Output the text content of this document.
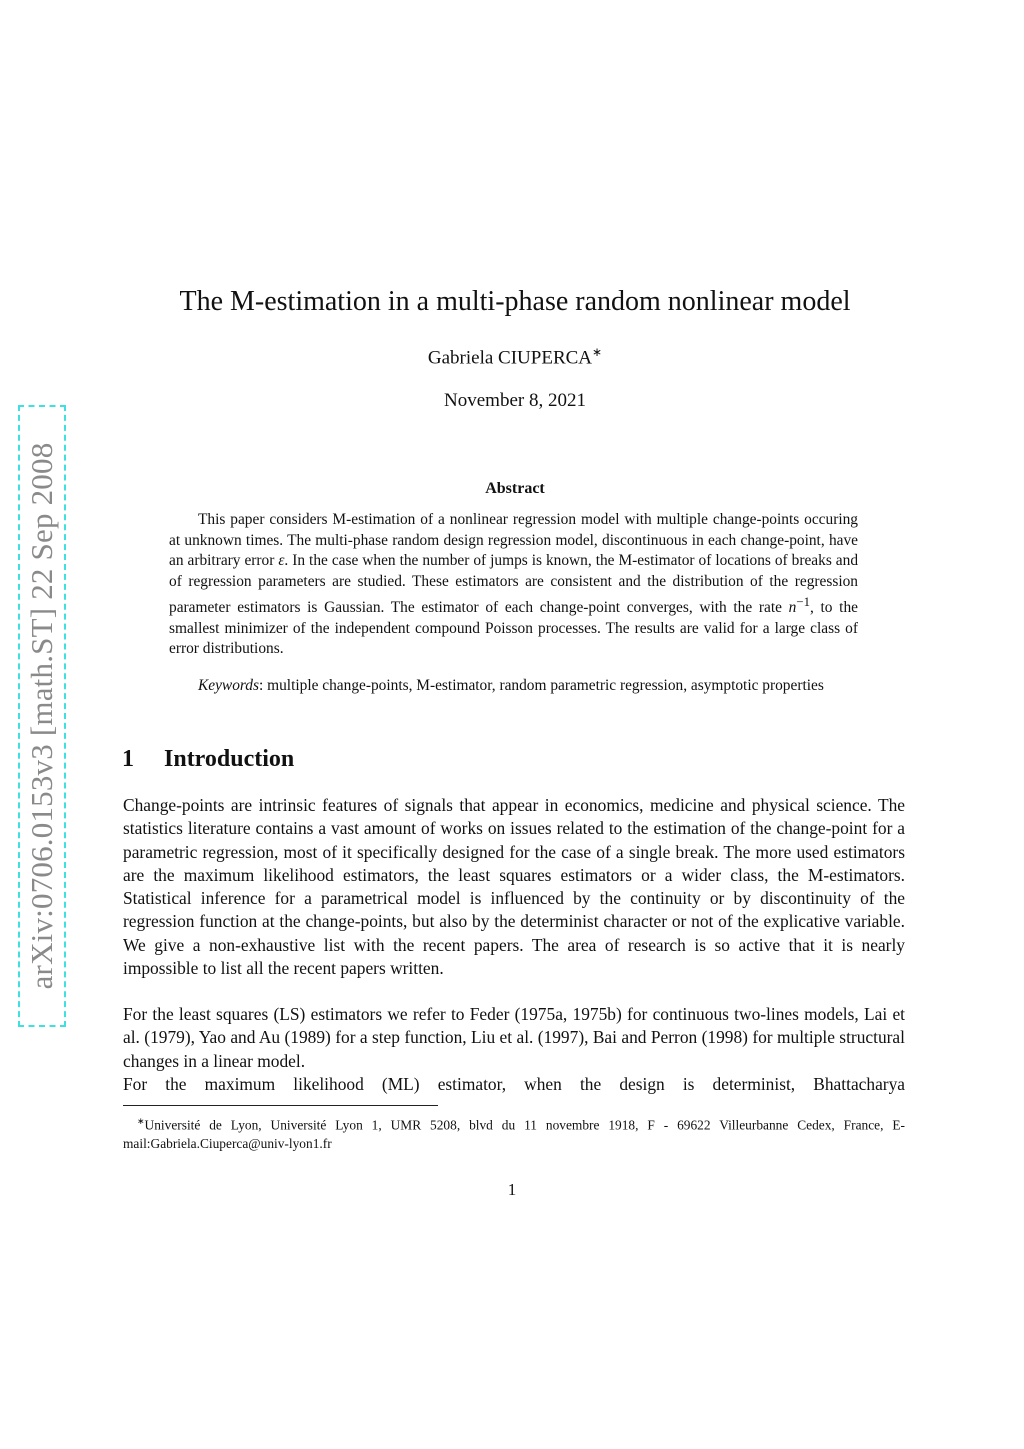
arXiv:0706.0153v3 [math.ST] 22 Sep 2008
The M-estimation in a multi-phase random nonlinear model
Gabriela CIUPERCA∗
November 8, 2021
Abstract

This paper considers M-estimation of a nonlinear regression model with multiple change-points occuring at unknown times. The multi-phase random design regression model, discontinuous in each change-point, have an arbitrary error ε. In the case when the number of jumps is known, the M-estimator of locations of breaks and of regression parameters are studied. These estimators are consistent and the distribution of the regression parameter estimators is Gaussian. The estimator of each change-point converges, with the rate $n^{-1}$, to the smallest minimizer of the independent compound Poisson processes. The results are valid for a large class of error distributions.

Keywords: multiple change-points, M-estimator, random parametric regression, asymptotic properties

1 Introduction

Change-points are intrinsic features of signals that appear in economics, medicine and physical science. The statistics literature contains a vast amount of works on issues related to the estimation of the change-point for a parametric regression, most of it specifically designed for the case of a single break. The more used estimators are the maximum likelihood estimators, the least squares estimators or a wider class, the M-estimators. Statistical inference for a parametrical model is influenced by the continuity or by discontinuity of the regression function at the change-points, but also by the determinist character or not of the explicative variable. We give a non-exhaustive list with the recent papers. The area of research is so active that it is nearly impossible to list all the recent papers written.

For the least squares (LS) estimators we refer to Feder (1975a, 1975b) for continuous two-lines models, Lai et al. (1979), Yao and Au (1989) for a step function, Liu et al. (1997), Bai and Perron (1998) for multiple structural changes in a linear model.

For the maximum likelihood (ML) estimator, when the design is determinist, Bhattacharya

∗Université de Lyon, Université Lyon 1, UMR 5208, blvd du 11 novembre 1918, F - 69622 Villeurbanne Cedex, France, E-mail:Gabriela.Ciuperca@univ-lyon1.fr

1
